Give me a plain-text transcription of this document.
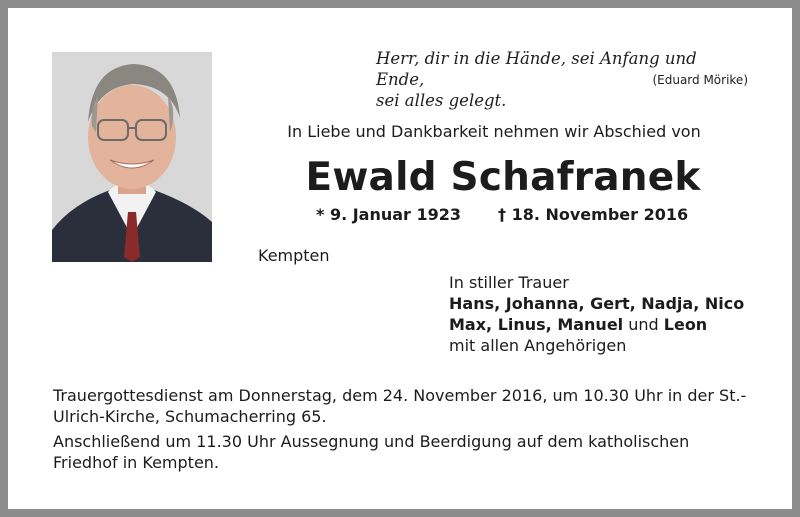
Herr, dir in die Hände, sei Anfang und Ende,
sei alles gelegt.
(Eduard Mörike)
In Liebe und Dankbarkeit nehmen wir Abschied von
Ewald Schafranek
* 9. Januar 1923 † 18. November 2016
Kempten
In stiller Trauer
Hans, Johanna, Gert, Nadja, Nico
Max, Linus, Manuel und Leon
mit allen Angehörigen

Trauergottesdienst am Donnerstag, dem 24. November 2016, um 10.30 Uhr in der St.-Ulrich-Kirche, Schumacherring 65.

Anschließend um 11.30 Uhr Aussegnung und Beerdigung auf dem katholischen Friedhof in Kempten.
